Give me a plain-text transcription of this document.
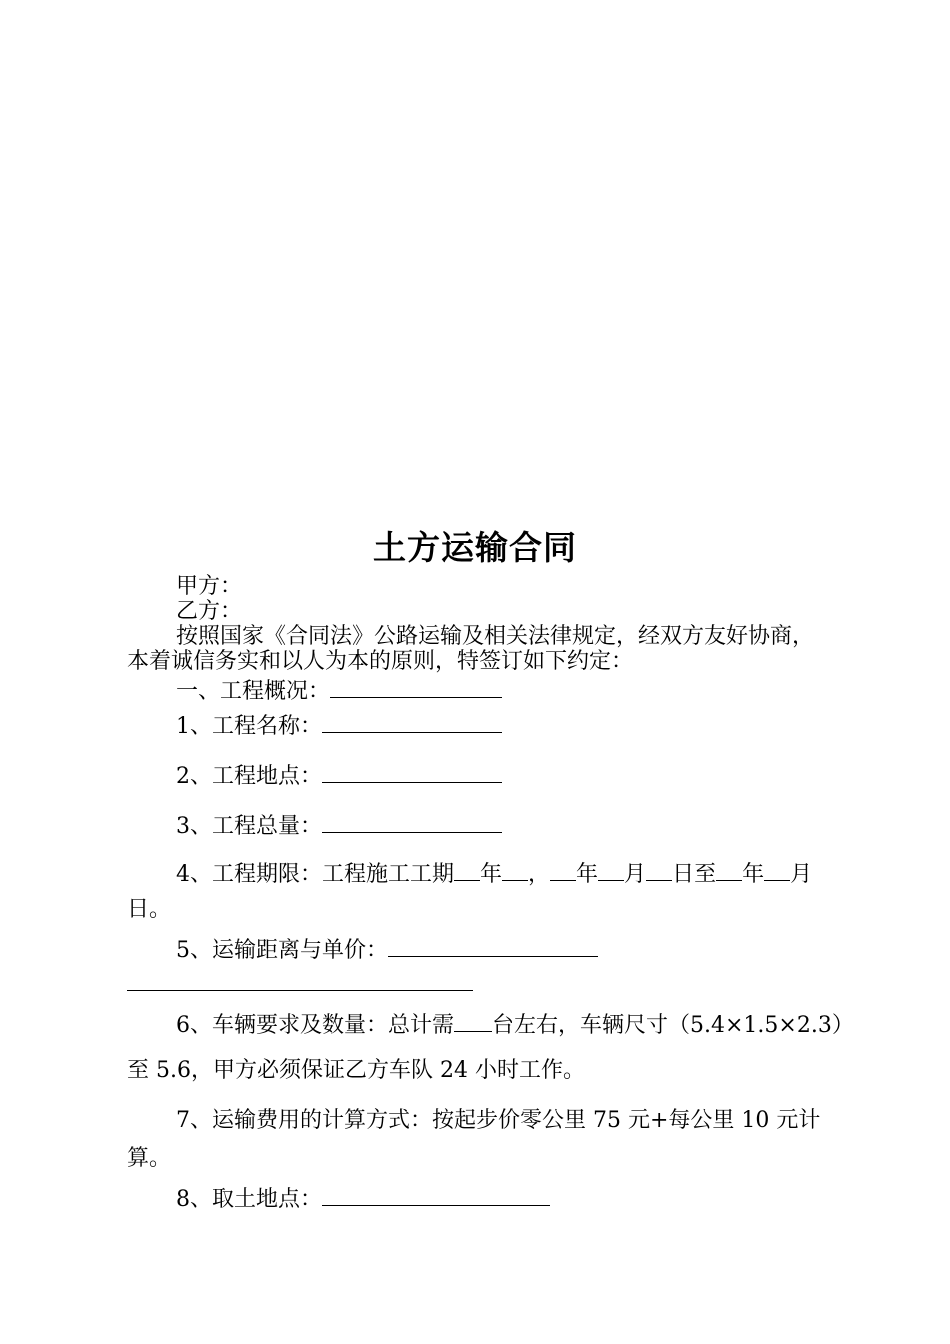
土方运输合同
甲方：
乙方：
按照国家《合同法》公路运输及相关法律规定，经双方友好协商，
本着诚信务实和以人为本的原则，特签订如下约定：
一、工程概况：
1、工程名称：
2、工程地点：
3、工程总量：
4、工程期限：工程施工工期 年 ， 年 月 日至 年 月
日。
5、运输距离与单价：
6、车辆要求及数量：总计需 台左右，车辆尺寸（5.4×1.5×2.3）
至 5.6，甲方必须保证乙方车队 24 小时工作。
7、运输费用的计算方式：按起步价零公里 75 元+每公里 10 元计
算。
8、取土地点：
